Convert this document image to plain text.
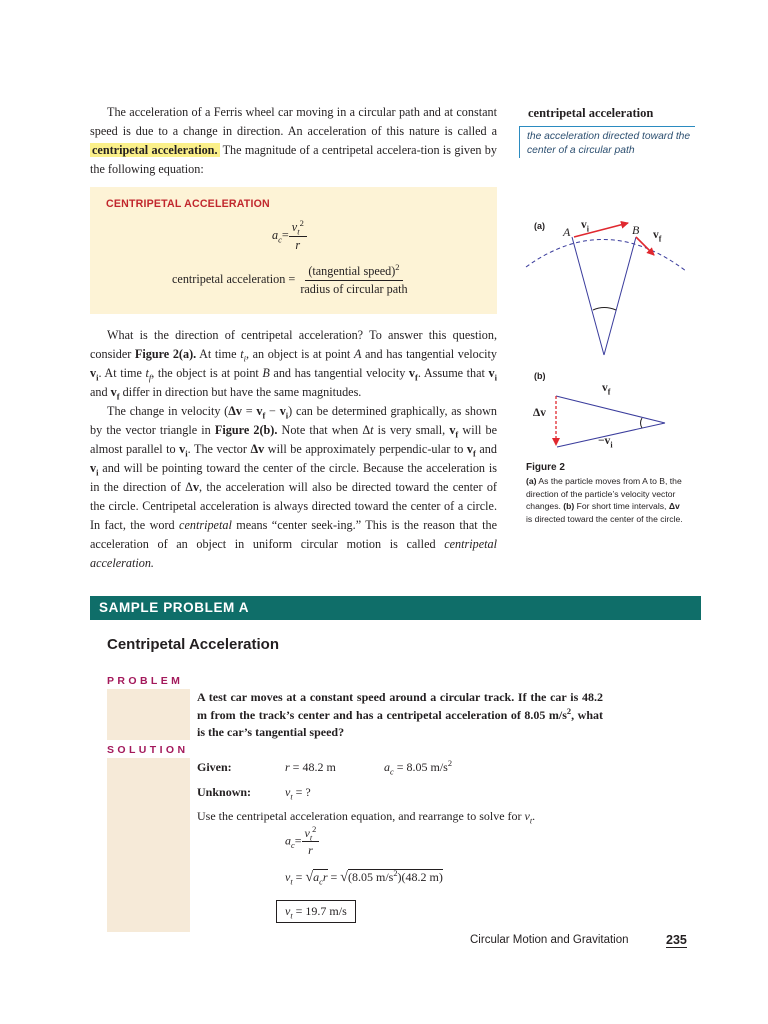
The acceleration of a Ferris wheel car moving in a circular path and at constant speed is due to a change in direction. An acceleration of this nature is called a centripetal acceleration. The magnitude of a centripetal accelera-tion is given by the following equation:

centripetal acceleration
the acceleration directed toward the center of a circular path
CENTRIPETAL ACCELERATION
$a_c= \frac{v_t^2}{r}$
centripetal acceleration = $\frac{(tangential speed)^2}{\text{radius of circular path}}$

What is the direction of centripetal acceleration? To answer this question, consider Figure 2(a). At time $t_i$, an object is at point A and has tangential velocity $v_i$. At time $t_f$, the object is at point B and has tangential velocity $v_f$. Assume that $v_i$ and $v_f$ differ in direction but have the same magnitudes.

The change in velocity $(\Delta v = v_f - v_i)$ can be determined graphically, as shown by the vector triangle in Figure 2(b). Note that when Δt is very small, $v_f$ will be almost parallel to $v_i$. The vector Δv will be approximately perpendic-ular to $v_f$ and $v_i$ and will be pointing toward the center of the circle. Because the acceleration is in the direction of Δv, the acceleration will also be directed toward the center of the circle. Centripetal acceleration is always directed toward the center of a circle. In fact, the word centripetal means “center seek-ing.” This is the reason that the acceleration of an object in uniform circular motion is called centripetal acceleration.

(a) A	B
$v_i$
$v_f$
(b)
$v_f$
Δv
$-v_i$
Figure 2
(a) As the particle moves from A to B, the direction of the particle’s velocity vector changes. (b) For short time intervals, Δv is directed toward the center of the circle.
SAMPLE PROBLEM A
Centripetal Acceleration
PROBLEM
A test car moves at a constant speed around a circular track. If the car is 48.2 m from the track’s center and has a centripetal acceleration of 8.05 $m/s^2$, what is the car’s tangential speed?
SOLUTION
Given:	r = 48.2 m	$a_c = 8.05$ $m/s^2$
Unknown:	$v_t$ = ?
Use the centripetal acceleration equation, and rearrange to solve for $v_t$.
$a_c= \frac{v_t^2}{r}$
$v_t = √a_cr = √(8.05$ $m/s^2)(48.2$ m)
$v_t = 19.7$ m/s
Circular Motion and Gravitation	235
